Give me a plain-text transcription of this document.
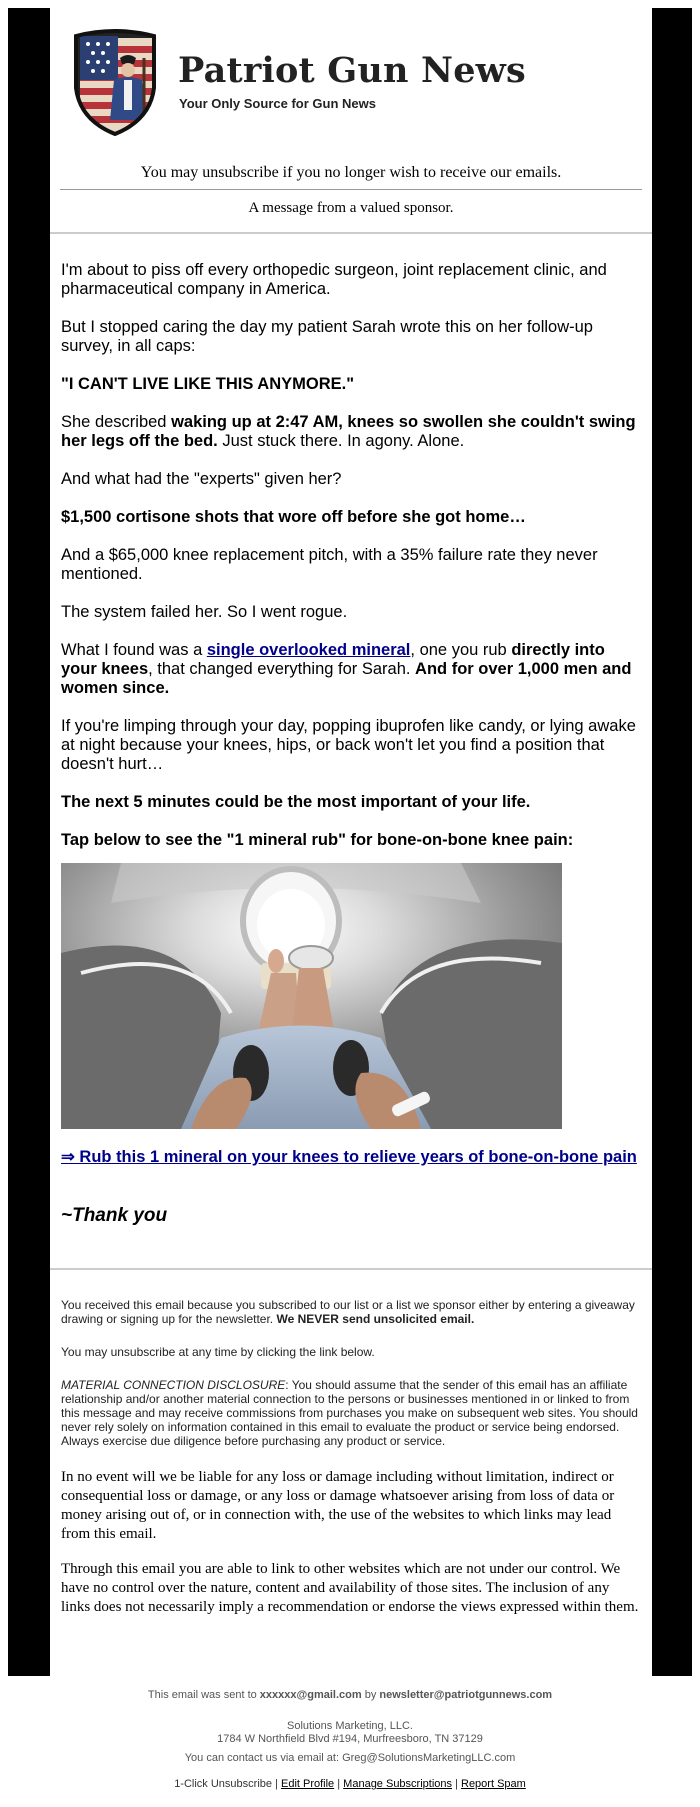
Patriot Gun News
Your Only Source for Gun News
You may unsubscribe if you no longer wish to receive our emails.
A message from a valued sponsor.

I'm about to piss off every orthopedic surgeon, joint replacement clinic, and pharmaceutical company in America.

But I stopped caring the day my patient Sarah wrote this on her follow-up survey, in all caps:

"I CAN'T LIVE LIKE THIS ANYMORE."

She described waking up at 2:47 AM, knees so swollen she couldn't swing her legs off the bed. Just stuck there. In agony. Alone.

And what had the "experts" given her?

$1,500 cortisone shots that wore off before she got home…

And a $65,000 knee replacement pitch, with a 35% failure rate they never mentioned.

The system failed her. So I went rogue.

What I found was a single overlooked mineral, one you rub directly into your knees, that changed everything for Sarah. And for over 1,000 men and women since.

If you're limping through your day, popping ibuprofen like candy, or lying awake at night because your knees, hips, or back won't let you find a position that doesn't hurt…

The next 5 minutes could be the most important of your life.

Tap below to see the "1 mineral rub" for bone-on-bone knee pain:

⇒ Rub this 1 mineral on your knees to relieve years of bone-on-bone pain
~Thank you
You received this email because you subscribed to our list or a list we sponsor either by entering a giveaway drawing or signing up for the newsletter. We NEVER send unsolicited email.
You may unsubscribe at any time by clicking the link below.
MATERIAL CONNECTION DISCLOSURE: You should assume that the sender of this email has an affiliate relationship and/or another material connection to the persons or businesses mentioned in or linked to from this message and may receive commissions from purchases you make on subsequent web sites. You should never rely solely on information contained in this email to evaluate the product or service being endorsed. Always exercise due diligence before purchasing any product or service.
In no event will we be liable for any loss or damage including without limitation, indirect or consequential loss or damage, or any loss or damage whatsoever arising from loss of data or money arising out of, or in connection with, the use of the websites to which links may lead from this email.
Through this email you are able to link to other websites which are not under our control. We have no control over the nature, content and availability of those sites. The inclusion of any links does not necessarily imply a recommendation or endorse the views expressed within them.
This email was sent to xxxxxx@gmail.com by newsletter@patriotgunnews.com
Solutions Marketing, LLC.
1784 W Northfield Blvd #194, Murfreesboro, TN 37129
You can contact us via email at: Greg@SolutionsMarketingLLC.com
1-Click Unsubscribe | Edit Profile | Manage Subscriptions | Report Spam
